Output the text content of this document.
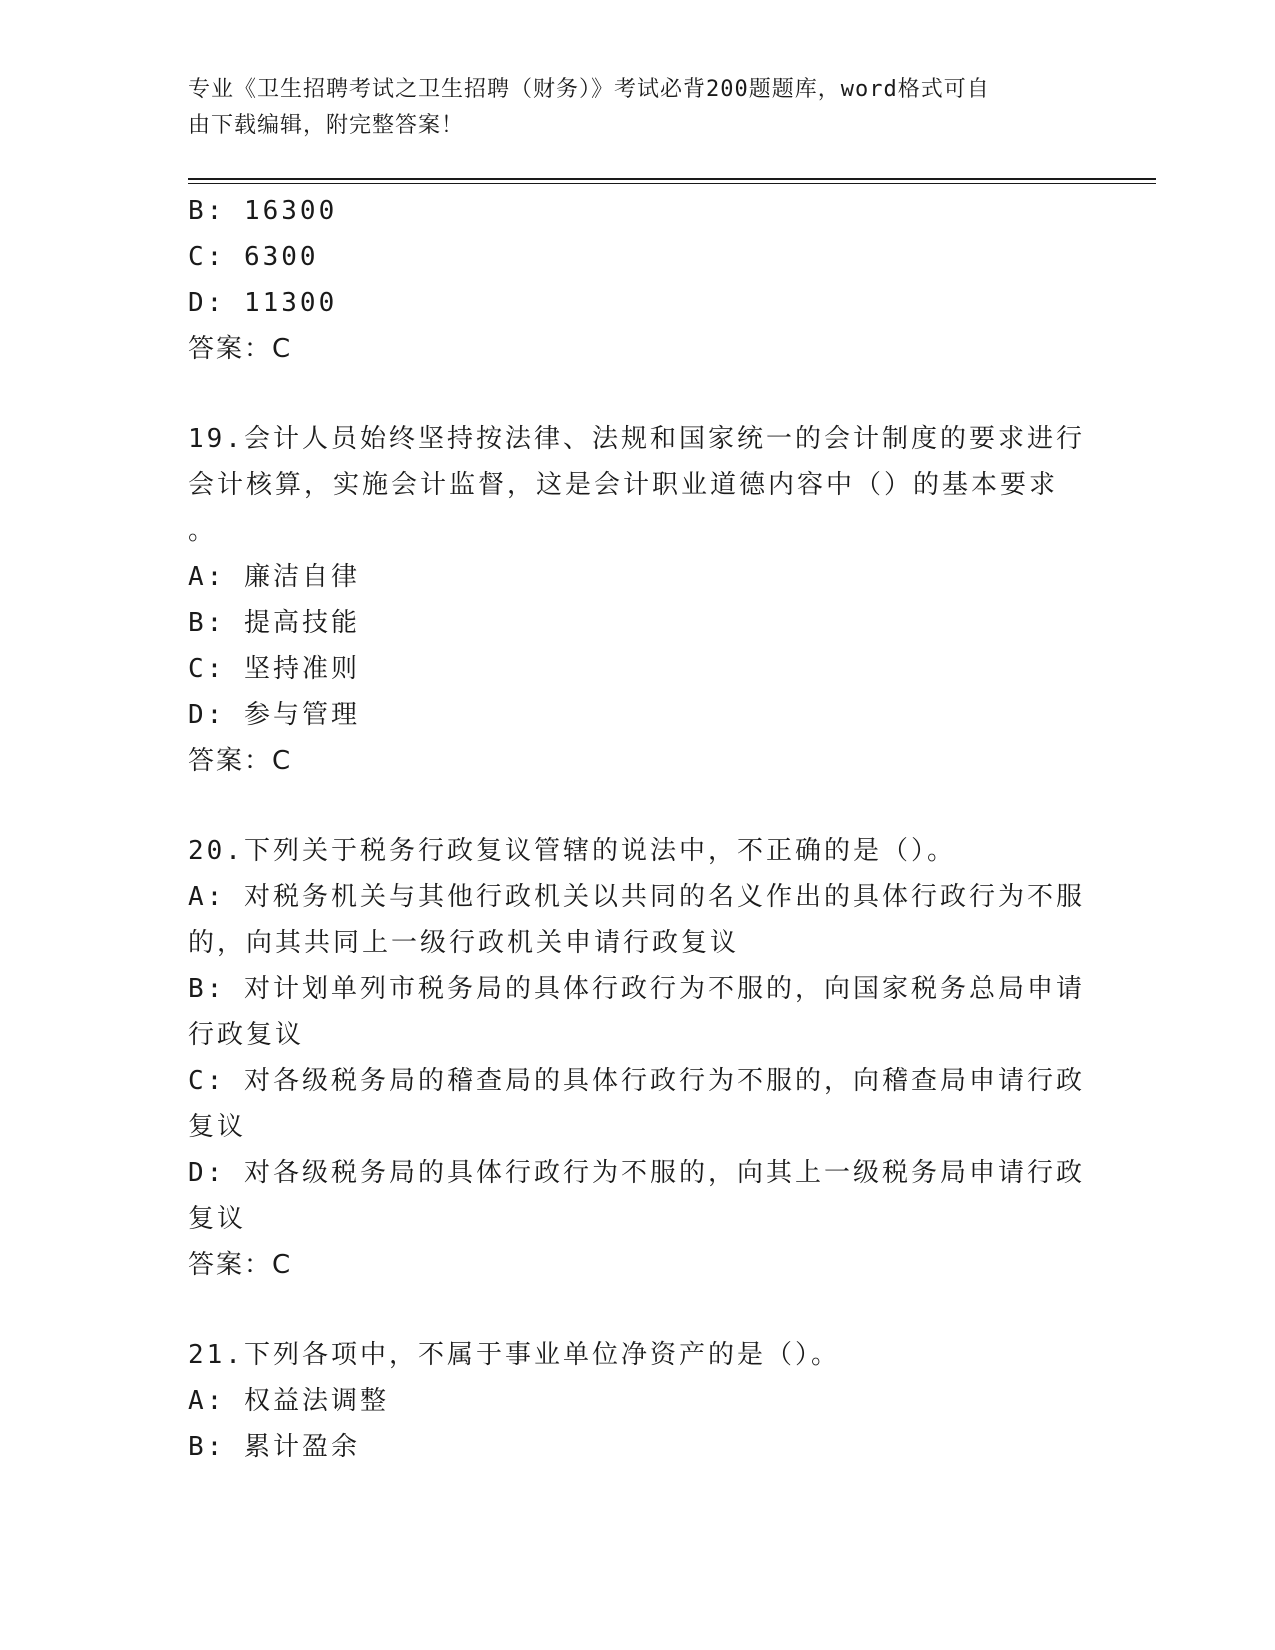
专业《卫生招聘考试之卫生招聘（财务）》考试必背200题题库，word格式可自
由下载编辑，附完整答案！
B: 16300
C: 6300
D: 11300
答案：C
19.会计人员始终坚持按法律、法规和国家统一的会计制度的要求进行
会计核算，实施会计监督，这是会计职业道德内容中（）的基本要求
。
A: 廉洁自律
B: 提高技能
C: 坚持准则
D: 参与管理
答案：C
20.下列关于税务行政复议管辖的说法中，不正确的是（）。
A: 对税务机关与其他行政机关以共同的名义作出的具体行政行为不服
的，向其共同上一级行政机关申请行政复议
B: 对计划单列市税务局的具体行政行为不服的，向国家税务总局申请
行政复议
C: 对各级税务局的稽查局的具体行政行为不服的，向稽查局申请行政
复议
D: 对各级税务局的具体行政行为不服的，向其上一级税务局申请行政
复议
答案：C
21.下列各项中，不属于事业单位净资产的是（）。
A: 权益法调整
B: 累计盈余
